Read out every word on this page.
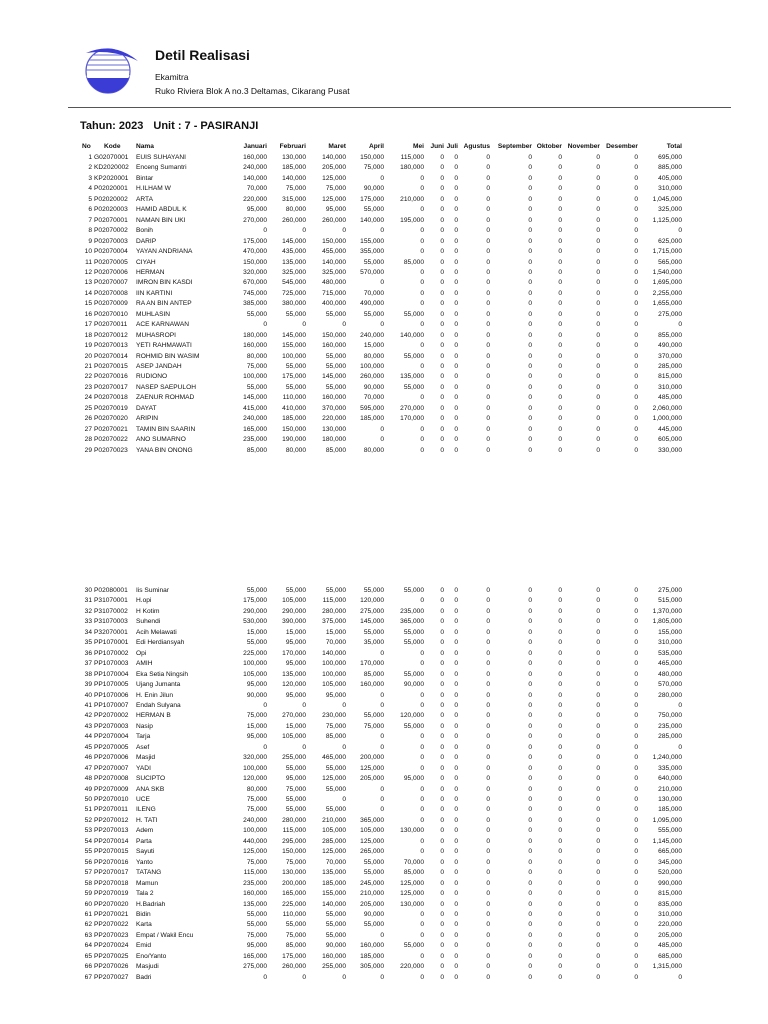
Detil Realisasi
Ekamitra
Ruko Riviera Blok A no.3 Deltamas, Cikarang Pusat
Tahun: 2023 Unit : 7 - PASIRANJI
No	Kode	Nama	Januari	Februari	Maret	April	Mei Juni Juli Agustus	September Oktober November Desember	Total
1 G02070001	EUIS SUHAYANI	160,000	130,000	140,000	150,000	115,000	0	0	0	0	0	0	0	695,000
2 KD2020002	Enceng Sumantri	240,000	185,000	205,000	75,000	180,000	0	0	0	0	0	0	0	885,000
3 KP2020001	Bintar	140,000	140,000	125,000	0	0	0	0	0	0	0	0	0	405,000
4 P02020001	H.ILHAM W	70,000	75,000	75,000	90,000	0	0	0	0	0	0	0	0	310,000
5 P02020002	ARTA	220,000	315,000	125,000	175,000	210,000	0	0	0	0	0	0	0	1,045,000
6 P02020003	HAMID ABDUL K	95,000	80,000	95,000	55,000	0	0	0	0	0	0	0	0	325,000
7 P02070001	NAMAN BIN UKI	270,000	260,000	260,000	140,000	195,000	0	0	0	0	0	0	0	1,125,000
8 P02070002	Bonih	0	0	0	0	0	0	0	0	0	0	0	0	0
9 P02070003	DARIP	175,000	145,000	150,000	155,000	0	0	0	0	0	0	0	0	625,000
10 P02070004	YAYAN ANDRIANA	470,000	435,000	455,000	355,000	0	0	0	0	0	0	0	0	1,715,000
11 P02070005	CIYAH	150,000	135,000	140,000	55,000	85,000	0	0	0	0	0	0	0	565,000
12 P02070006	HERMAN	320,000	325,000	325,000	570,000	0	0	0	0	0	0	0	0	1,540,000
13 P02070007	IMRON BIN KASDI	670,000	545,000	480,000	0	0	0	0	0	0	0	0	0	1,695,000
14 P02070008	IIN KARTINI	745,000	725,000	715,000	70,000	0	0	0	0	0	0	0	0	2,255,000
15 P02070009	RA AN BIN ANTEP	385,000	380,000	400,000	490,000	0	0	0	0	0	0	0	0	1,655,000
16 P02070010	MUHLASIN	55,000	55,000	55,000	55,000	55,000	0	0	0	0	0	0	0	275,000
17 P02070011	ACE KARNAWAN	0	0	0	0	0	0	0	0	0	0	0	0	0
18 P02070012	MUHASROPI	180,000	145,000	150,000	240,000	140,000	0	0	0	0	0	0	0	855,000
19 P02070013	YETI RAHMAWATI	160,000	155,000	160,000	15,000	0	0	0	0	0	0	0	0	490,000
20 P02070014	ROHMID BIN WASIM	80,000	100,000	55,000	80,000	55,000	0	0	0	0	0	0	0	370,000
21 P02070015	ASEP JANDAH	75,000	55,000	55,000	100,000	0	0	0	0	0	0	0	0	285,000
22 P02070016	RUDIONO	100,000	175,000	145,000	260,000	135,000	0	0	0	0	0	0	0	815,000
23 P02070017	NASEP SAEPULOH	55,000	55,000	55,000	90,000	55,000	0	0	0	0	0	0	0	310,000
24 P02070018	ZAENUR ROHMAD	145,000	110,000	160,000	70,000	0	0	0	0	0	0	0	0	485,000
25 P02070019	DAYAT	415,000	410,000	370,000	595,000	270,000	0	0	0	0	0	0	0	2,060,000
26 P02070020	ARIPIN	240,000	185,000	220,000	185,000	170,000	0	0	0	0	0	0	0	1,000,000
27 P02070021	TAMIN BIN SAARIN	165,000	150,000	130,000	0	0	0	0	0	0	0	0	0	445,000
28 P02070022	ANO SUMARNO	235,000	190,000	180,000	0	0	0	0	0	0	0	0	0	605,000
29 P02070023	YANA BIN ONONG	85,000	80,000	85,000	80,000	0	0	0	0	0	0	0	0	330,000
30 P02080001	Iis Suminar	55,000	55,000	55,000	55,000	55,000	0	0	0	0	0	0	0	275,000
31 P31070001	H.opi	175,000	105,000	115,000	120,000	0	0	0	0	0	0	0	0	515,000
32 P31070002	H Kotim	290,000	290,000	280,000	275,000	235,000	0	0	0	0	0	0	0	1,370,000
33 P31070003	Suhendi	530,000	390,000	375,000	145,000	365,000	0	0	0	0	0	0	0	1,805,000
34 P32070001	Acih Melawati	15,000	15,000	15,000	55,000	55,000	0	0	0	0	0	0	0	155,000
35 PP1070001	Edi Herdiansyah	55,000	95,000	70,000	35,000	55,000	0	0	0	0	0	0	0	310,000
36 PP1070002	Opi	225,000	170,000	140,000	0	0	0	0	0	0	0	0	0	535,000
37 PP1070003	AMIH	100,000	95,000	100,000	170,000	0	0	0	0	0	0	0	0	465,000
38 PP1070004	Eka Setia Ningsih	105,000	135,000	100,000	85,000	55,000	0	0	0	0	0	0	0	480,000
39 PP1070005	Ujang Jumanta	95,000	120,000	105,000	160,000	90,000	0	0	0	0	0	0	0	570,000
40 PP1070006	H. Enin Jilun	90,000	95,000	95,000	0	0	0	0	0	0	0	0	0	280,000
41 PP1070007	Endah Sulyana	0	0	0	0	0	0	0	0	0	0	0	0	0
42 PP2070002	HERMAN B	75,000	270,000	230,000	55,000	120,000	0	0	0	0	0	0	0	750,000
43 PP2070003	Nasip	15,000	15,000	75,000	75,000	55,000	0	0	0	0	0	0	0	235,000
44 PP2070004	Tarja	95,000	105,000	85,000	0	0	0	0	0	0	0	0	0	285,000
45 PP2070005	Asef	0	0	0	0	0	0	0	0	0	0	0	0	0
46 PP2070006	Masjid	320,000	255,000	465,000	200,000	0	0	0	0	0	0	0	0	1,240,000
47 PP2070007	YADI	100,000	55,000	55,000	125,000	0	0	0	0	0	0	0	0	335,000
48 PP2070008	SUCIPTO	120,000	95,000	125,000	205,000	95,000	0	0	0	0	0	0	0	640,000
49 PP2070009	ANA SKB	80,000	75,000	55,000	0	0	0	0	0	0	0	0	0	210,000
50 PP2070010	UCE	75,000	55,000	0	0	0	0	0	0	0	0	0	0	130,000
51 PP2070011	ILENG	75,000	55,000	55,000	0	0	0	0	0	0	0	0	0	185,000
52 PP2070012	H. TATI	240,000	280,000	210,000	365,000	0	0	0	0	0	0	0	0	1,095,000
53 PP2070013	Adem	100,000	115,000	105,000	105,000	130,000	0	0	0	0	0	0	0	555,000
54 PP2070014	Parta	440,000	295,000	285,000	125,000	0	0	0	0	0	0	0	0	1,145,000
55 PP2070015	Sayuti	125,000	150,000	125,000	265,000	0	0	0	0	0	0	0	0	665,000
56 PP2070016	Yanto	75,000	75,000	70,000	55,000	70,000	0	0	0	0	0	0	0	345,000
57 PP2070017	TATANG	115,000	130,000	135,000	55,000	85,000	0	0	0	0	0	0	0	520,000
58 PP2070018	Mamun	235,000	200,000	185,000	245,000	125,000	0	0	0	0	0	0	0	990,000
59 PP2070019	Tala 2	160,000	165,000	155,000	210,000	125,000	0	0	0	0	0	0	0	815,000
60 PP2070020	H.Badriah	135,000	225,000	140,000	205,000	130,000	0	0	0	0	0	0	0	835,000
61 PP2070021	Bidin	55,000	110,000	55,000	90,000	0	0	0	0	0	0	0	0	310,000
62 PP2070022	Karta	55,000	55,000	55,000	55,000	0	0	0	0	0	0	0	0	220,000
63 PP2070023	Empat / Wakil Encu	75,000	75,000	55,000	0	0	0	0	0	0	0	0	0	205,000
64 PP2070024	Emid	95,000	85,000	90,000	160,000	55,000	0	0	0	0	0	0	0	485,000
65 PP2070025	Eno/Yanto	165,000	175,000	160,000	185,000	0	0	0	0	0	0	0	0	685,000
66 PP2070026	Masjudi	275,000	260,000	255,000	305,000	220,000	0	0	0	0	0	0	0	1,315,000
67 PP2070027	Badri	0	0	0	0	0	0	0	0	0	0	0	0	0
